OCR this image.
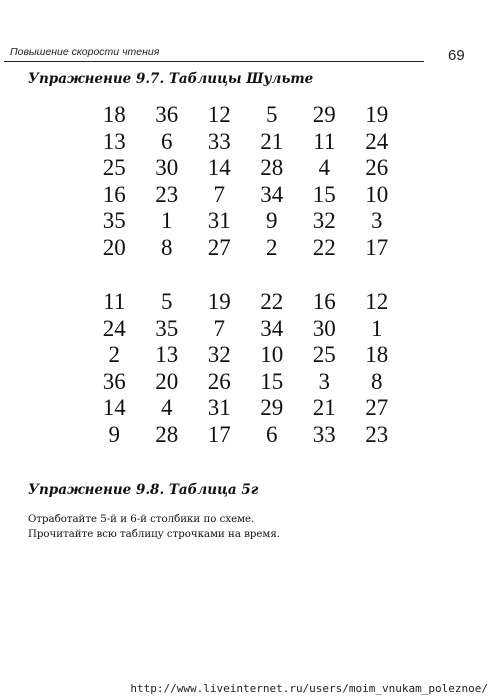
Повышение скорости чтения	69
Упражнение 9.7. Таблицы Шульте
18	36	12	5	29	19
13	6	33	21	11	24
25	30	14	28	4	26
16	23	7	34	15	10
35	1	31	9	32	3
20	8	27	2	22	17
11	5	19	22	16	12
24	35	7	34	30	1
2	13	32	10	25	18
36	20	26	15	3	8
14	4	31	29	21	27
9	28	17	6	33	23
Упражнение 9.8. Таблица 5г
Отработайте 5-й и 6-й столбики по схеме.
Прочитайте всю таблицу строчками на время.
http://www.liveinternet.ru/users/moim_vnukam_poleznoe/
